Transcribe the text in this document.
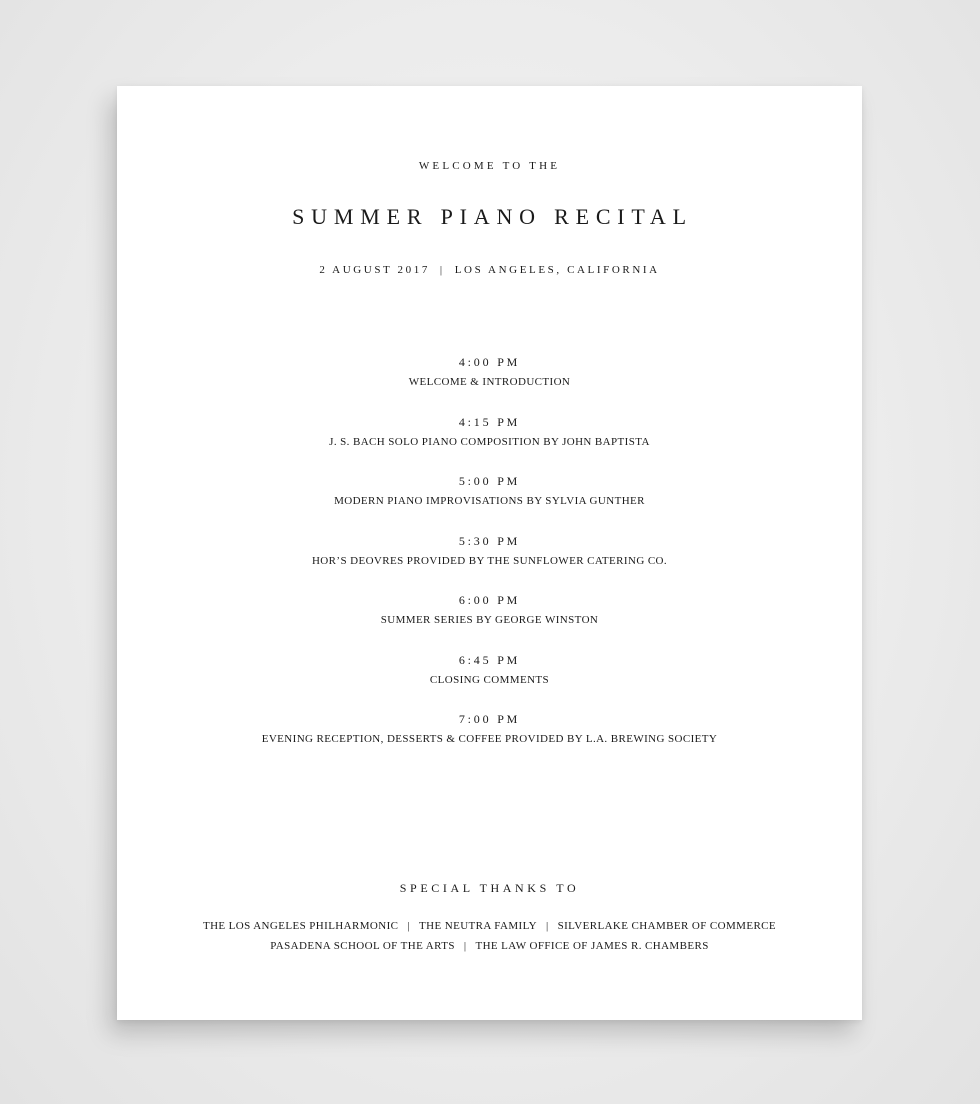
WELCOME TO THE
SUMMER PIANO RECITAL
2 AUGUST 2017 | LOS ANGELES, CALIFORNIA
4:00 PM
WELCOME & INTRODUCTION
4:15 PM
J. S. BACH SOLO PIANO COMPOSITION BY JOHN BAPTISTA
5:00 PM
MODERN PIANO IMPROVISATIONS BY SYLVIA GUNTHER
5:30 PM
HOR’S DEOVRES PROVIDED BY THE SUNFLOWER CATERING CO.
6:00 PM
SUMMER SERIES BY GEORGE WINSTON
6:45 PM
CLOSING COMMENTS
7:00 PM
EVENING RECEPTION, DESSERTS & COFFEE PROVIDED BY L.A. BREWING SOCIETY
SPECIAL THANKS TO
THE LOS ANGELES PHILHARMONIC | THE NEUTRA FAMILY | SILVERLAKE CHAMBER OF COMMERCE
PASADENA SCHOOL OF THE ARTS | THE LAW OFFICE OF JAMES R. CHAMBERS
